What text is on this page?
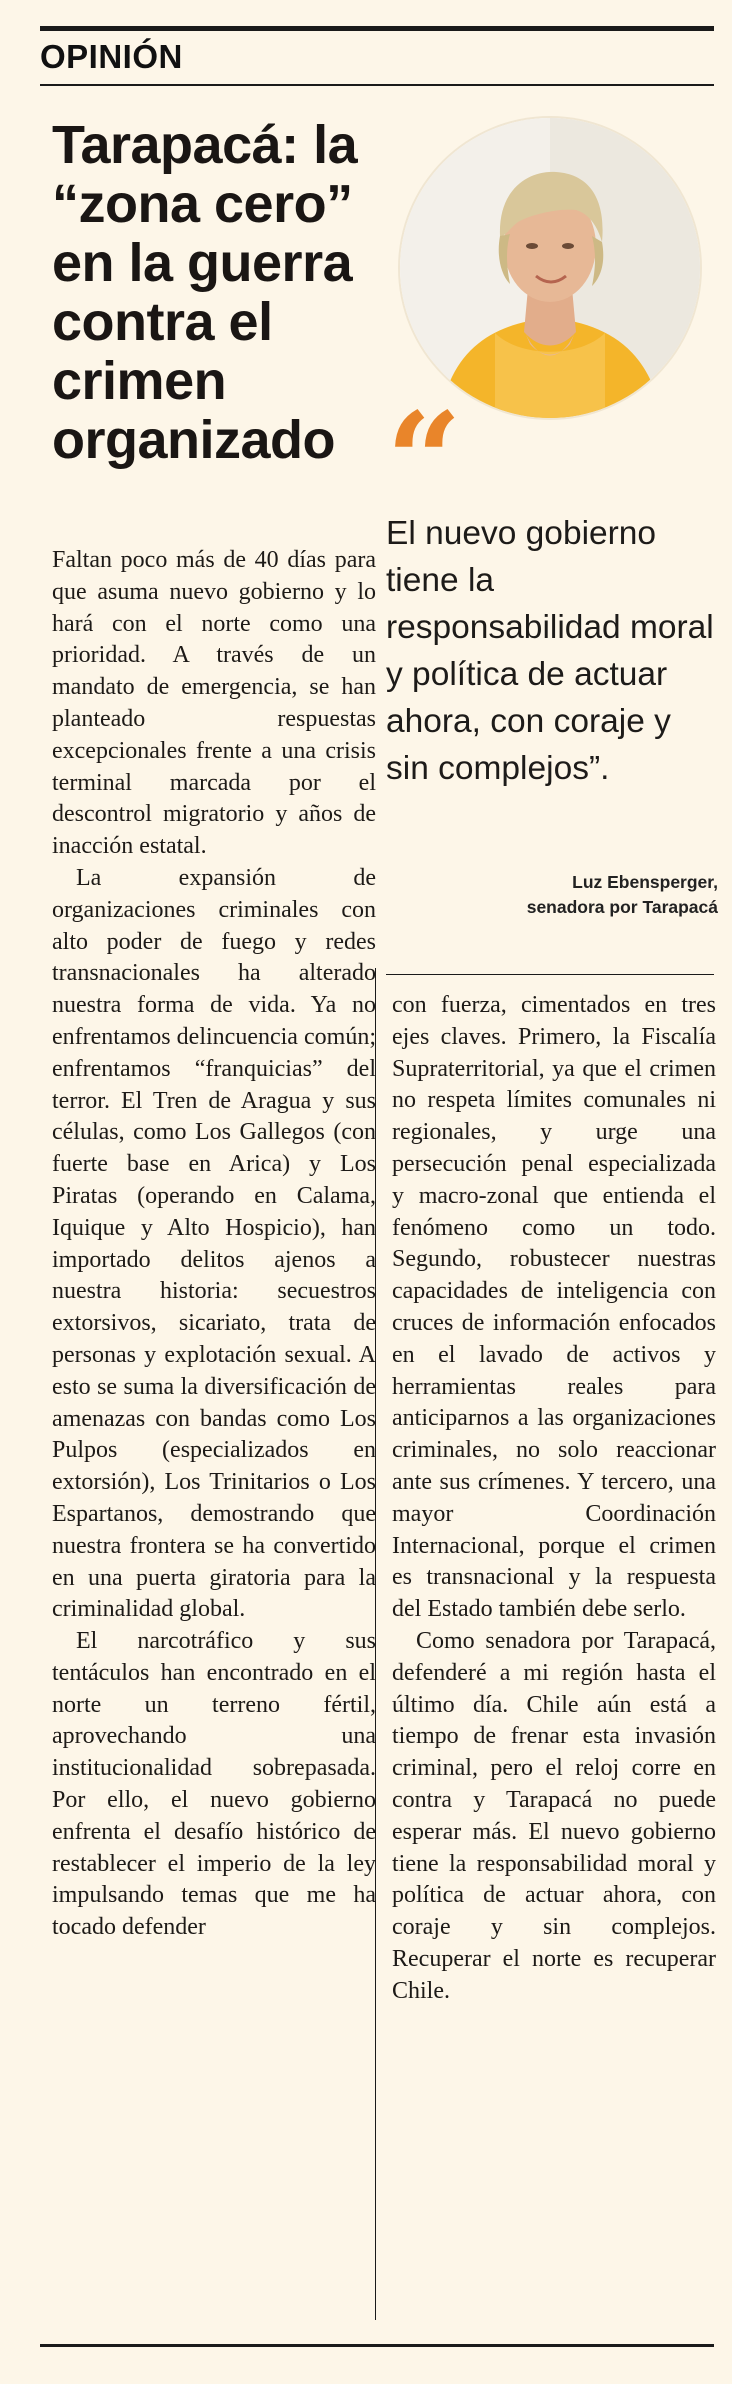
OPINIÓN
Tarapacá: la “zona cero” en la guerra contra el crimen organizado “
El nuevo gobierno tiene la responsabilidad moral y política de actuar ahora, con coraje y sin complejos”.
Luz Ebensperger,
senadora por Tarapacá

Faltan poco más de 40 días para que asuma nuevo gobierno y lo hará con el norte como una prioridad. A través de un mandato de emergencia, se han planteado respuestas excepcionales frente a una crisis terminal marcada por el descontrol migratorio y años de inacción estatal.

La expansión de organizaciones criminales con alto poder de fuego y redes transnacionales ha alterado nuestra forma de vida. Ya no enfrentamos delincuencia común; enfrentamos “franquicias” del terror. El Tren de Aragua y sus células, como Los Gallegos (con fuerte base en Arica) y Los Piratas (operando en Calama, Iquique y Alto Hospicio), han importado delitos ajenos a nuestra historia: secuestros extorsivos, sicariato, trata de personas y explotación sexual. A esto se suma la diversificación de amenazas con bandas como Los Pulpos (especializados en extorsión), Los Trinitarios o Los Espartanos, demostrando que nuestra frontera se ha convertido en una puerta giratoria para la criminalidad global.

El narcotráfico y sus tentáculos han encontrado en el norte un terreno fértil, aprovechando una institucionalidad sobrepasada. Por ello, el nuevo gobierno enfrenta el desafío histórico de restablecer el imperio de la ley impulsando temas que me ha tocado defender

con fuerza, cimentados en tres ejes claves. Primero, la Fiscalía Supraterritorial, ya que el crimen no respeta límites comunales ni regionales, y urge una persecución penal especializada y macro-zonal que entienda el fenómeno como un todo. Segundo, robustecer nuestras capacidades de inteligencia con cruces de información enfocados en el lavado de activos y herramientas reales para anticiparnos a las organizaciones criminales, no solo reaccionar ante sus crímenes. Y tercero, una mayor Coordinación Internacional, porque el crimen es transnacional y la respuesta del Estado también debe serlo.

Como senadora por Tarapacá, defenderé a mi región hasta el último día. Chile aún está a tiempo de frenar esta invasión criminal, pero el reloj corre en contra y Tarapacá no puede esperar más. El nuevo gobierno tiene la responsabilidad moral y política de actuar ahora, con coraje y sin complejos. Recuperar el norte es recuperar Chile.
